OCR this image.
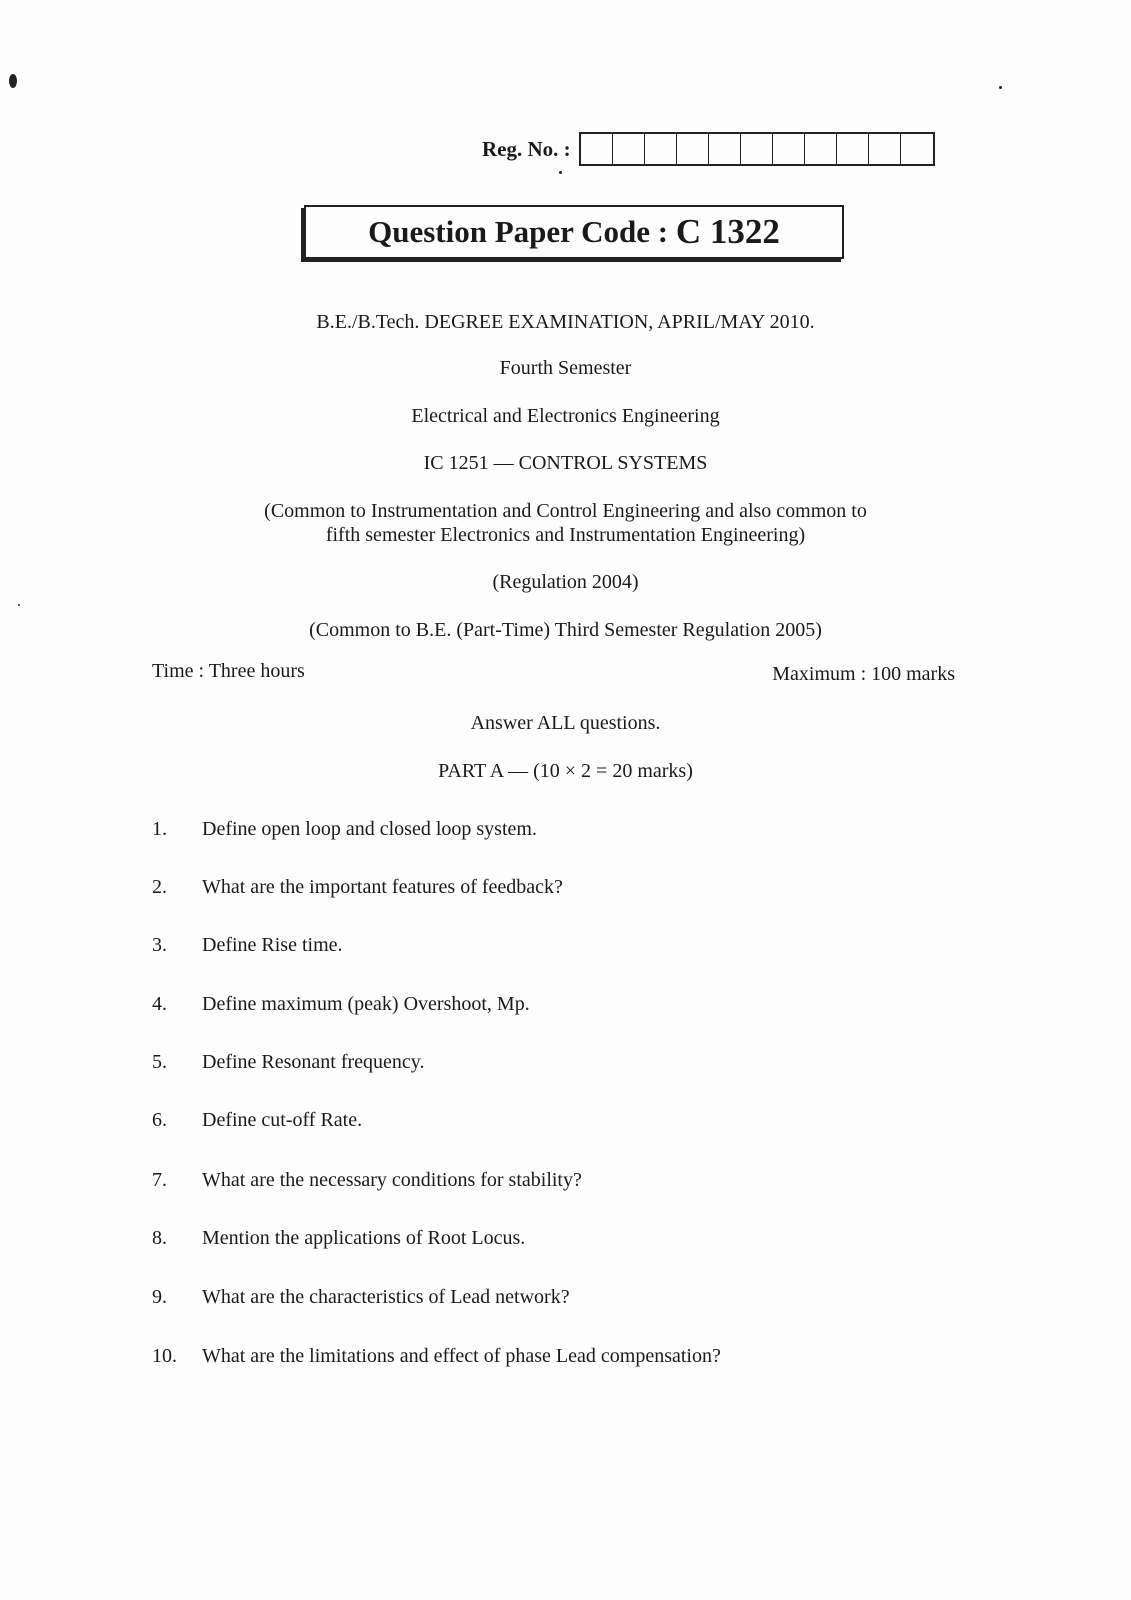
Reg. No. :
Question Paper Code :
C 1322
B.E./B.Tech. DEGREE EXAMINATION, APRIL/MAY 2010.
Fourth Semester
Electrical and Electronics Engineering
IC 1251 — CONTROL SYSTEMS
(Common to Instrumentation and Control Engineering and also common to
fifth semester Electronics and Instrumentation Engineering)
(Regulation 2004)
(Common to B.E. (Part-Time) Third Semester Regulation 2005)
Time : Three hours	Maximum : 100 marks
Answer ALL questions.
PART A — (10 × 2 = 20 marks)
1.	Define open loop and closed loop system.
2.	What are the important features of feedback?
3.	Define Rise time.
4.	Define maximum (peak) Overshoot, Mp.
5.	Define Resonant frequency.
6.	Define cut-off Rate.
7.	What are the necessary conditions for stability?
8.	Mention the applications of Root Locus.
9.	What are the characteristics of Lead network?
10.	What are the limitations and effect of phase Lead compensation?
